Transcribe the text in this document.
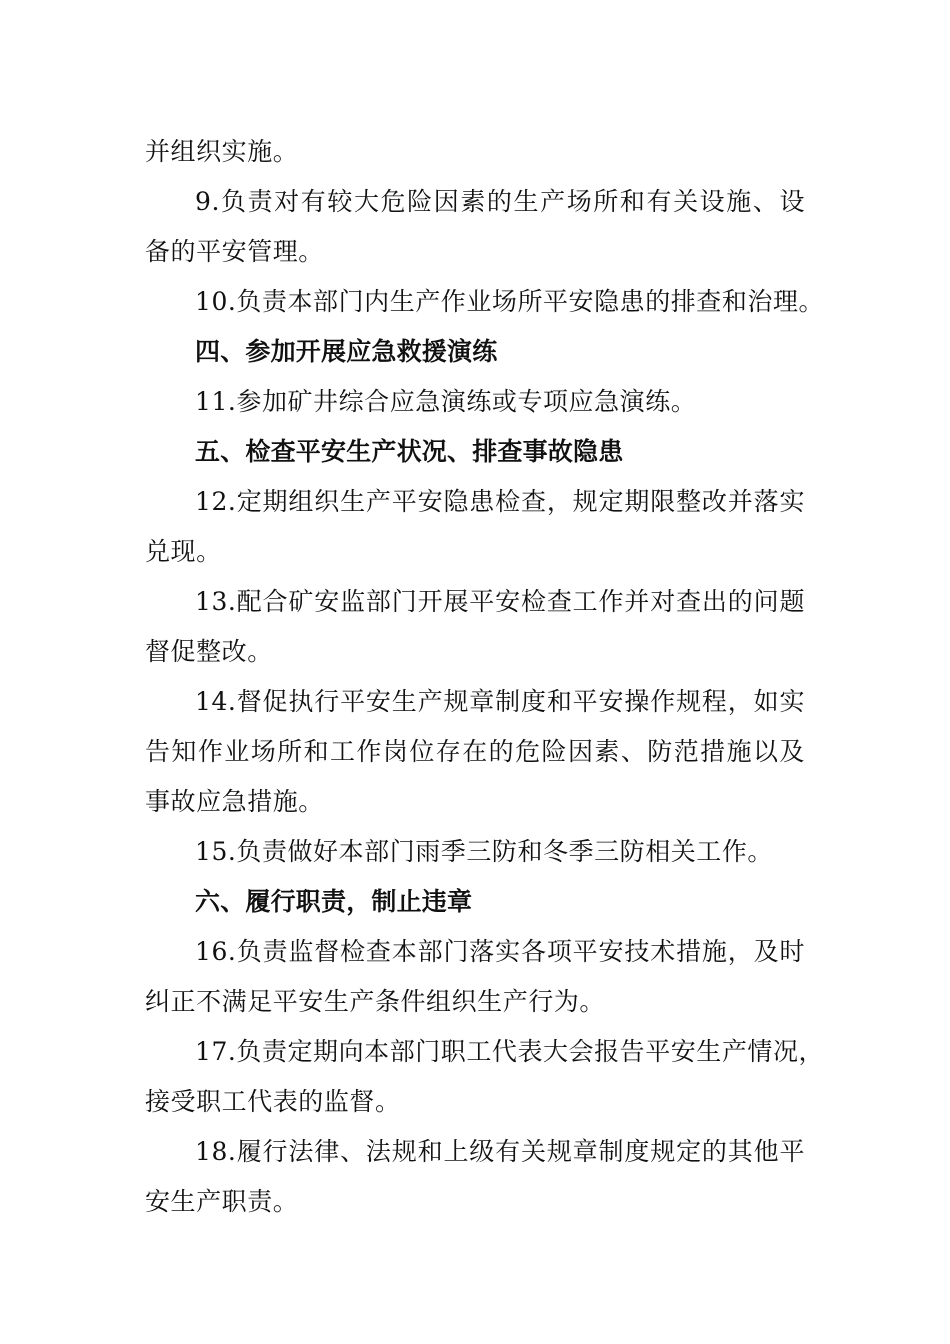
并组织实施。
9.负责对有较大危险因素的生产场所和有关设施、设
备的平安管理。
10.负责本部门内生产作业场所平安隐患的排查和治理。
四、参加开展应急救援演练
11.参加矿井综合应急演练或专项应急演练。
五、检查平安生产状况、排查事故隐患
12.定期组织生产平安隐患检查，规定期限整改并落实
兑现。
13.配合矿安监部门开展平安检查工作并对查出的问题
督促整改。
14.督促执行平安生产规章制度和平安操作规程，如实
告知作业场所和工作岗位存在的危险因素、防范措施以及
事故应急措施。
15.负责做好本部门雨季三防和冬季三防相关工作。
六、履行职责，制止违章
16.负责监督检查本部门落实各项平安技术措施，及时
纠正不满足平安生产条件组织生产行为。
17.负责定期向本部门职工代表大会报告平安生产情况，
接受职工代表的监督。
18.履行法律、法规和上级有关规章制度规定的其他平
安生产职责。
